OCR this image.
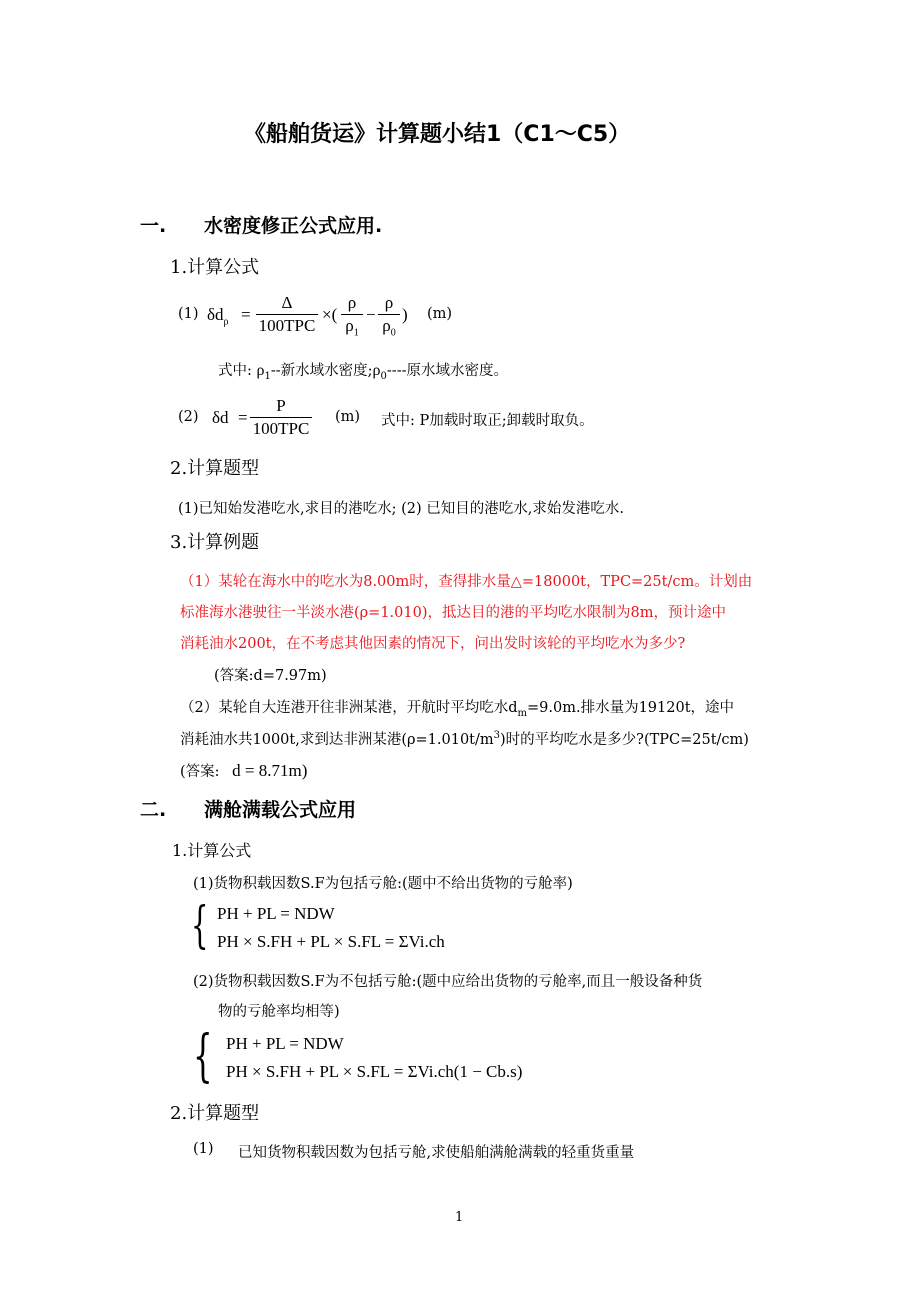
《船舶货运》计算题小结1（C1～C5）
一. 水密度修正公式应用.
1.计算公式
(1) $\delta d_\rho$ =
Δ
100TPC
×(
ρ
$\rho_1$
−
ρ
$\rho_0$
) (m)
式中: $\rho_1--$新水域水密度$;\rho_0----$原水域水密度。
(2) δd =
P
100TPC
(m) 式中: P加载时取正;卸载时取负。
2.计算题型
(1)已知始发港吃水,求目的港吃水; (2) 已知目的港吃水,求始发港吃水.
3.计算例题
（1）某轮在海水中的吃水为8.00m时，查得排水量△=18000t，TPC=25t/cm。计划由
标准海水港驶往一半淡水港(ρ=1.010)，抵达目的港的平均吃水限制为8m，预计途中
消耗油水200t，在不考虑其他因素的情况下，问出发时该轮的平均吃水为多少?
(答案:d=7.97m)
（2）某轮自大连港开往非洲某港，开航时平均吃水$d_m=9.0m$.排水量为19120t，途中
消耗油水共1000t,求到达非洲某港$(\rho=1.010t/m^3)$时的平均吃水是多少?(TPC=25t/cm)
(答案: d = 8.71m)
二. 满舱满载公式应用
1.计算公式
(1)货物积载因数S.F为包括亏舱:(题中不给出货物的亏舱率)
{ PH + PL = NDW
PH × S.FH + PL × S.FL = ΣVi.ch
(2)货物积载因数S.F为不包括亏舱:(题中应给出货物的亏舱率,而且一般设备种货
物的亏舱率均相等)
{ PH + PL = NDW
PH × S.FH + PL × S.FL = ΣVi.ch(1 − Cb.s)
2.计算题型
(1) 已知货物积载因数为包括亏舱,求使船舶满舱满载的轻重货重量
1
